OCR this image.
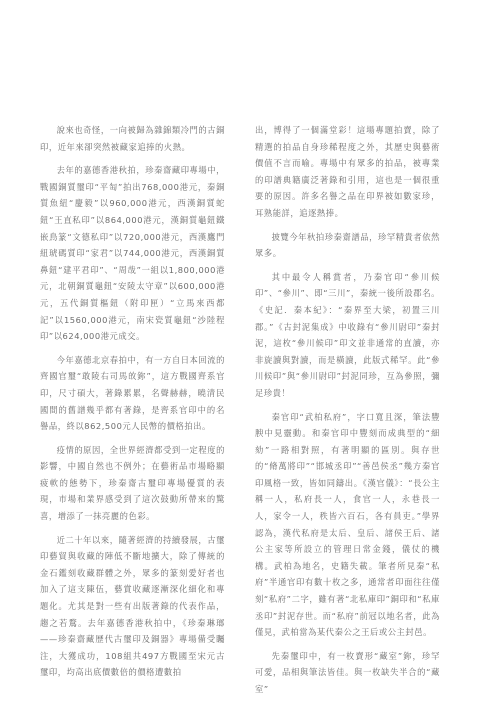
說來也奇怪，一向被歸為雜錦類冷門的古銅印，近年來卻突然被藏家追捧的火熱。

去年的嘉德香港秋拍，珍秦齋藏印專場中，戰國銅質璽印“平匋”拍出768,000港元，秦銅質魚紐“慶毅”以960,000港元，西漢銅質蛇鈕“王直私印”以864,000港元，漢銅質龜鈕鐵嵌鳥篆“文德私印”以720,000港元，西漢鷹門紐琥碼質印“家君”以744,000港元，西漢銅質鼻鈕“建平君印”、“周哉”一組以1,800,000港元，北朝銅質龜鈕“安陵太守章”以600,000港元，五代銅質樞鈕（附印匣）“立馬來西都記”以1560,000港元，南宋瓷質龜鈕“沙陸程印”以624,000港元成交。

今年嘉德北京春拍中，有一方自日本回流的齊國官璽“敢陵右司馬敀鉨”，這方戰國齊系官印，尺寸碩大，著錄累累，名聲赫赫，曉清民國間的舊譜幾乎都有著錄，是齊系官印中的名譽品，終以862,500元人民幣的價格拍出。

疫情的原因，全世界經濟都受到一定程度的影響，中國自然也不例外；在藝術品市場略顯疲軟的態勢下，珍秦齋古璽印專場優質的表現，市場和業界感受到了這次鼓動所帶來的驚喜，增添了一抹亮麗的色彩。

近二十年以來，隨著經濟的持續發展，古璽印藝貿與收藏的陣低不斷地擴大，除了傳統的金石鑑刻收藏群體之外，眾多的篆刻愛好者也加入了這支陳伍，藝賞收藏逐漸深化細化和專題化。尤其是對一些有出版著錄的代表作品，趨之若鶩。去年嘉德香港秋拍中，《珍秦琳瑯——珍秦齋藏歷代古璽印及銅器》專場備受矚注，大獲成功，108組共497方戰國至宋元古璽印，均高出底價數倍的價格遭數拍

出，博得了一個滿堂彩！這場專題拍賣，除了精選的拍品自身珍稀程度之外，其歷史與藝術價值不言而喻。專場中有眾多的拍品，被專業的印譜典籍廣泛著錄和引用，這也是一個很重要的原因。許多名譽之品在印界被如數家珍，耳熟能詳，追逐熱捧。

披覽今年秋拍珍秦齋譜品，珍罕精貴者依然眾多。

其中最令人稱賞者，乃秦官印“參川候印”、“參川”、即“三川”，秦統一後所設郡名。《史記．秦本紀》：“秦界至大梁，初置三川郡。”《古封泥集成》中收錄有“參川尉印”秦封泥，這枚“參川候印”印文並非通常的直讀，亦非旋讀與對讀，而是橫讀，此版式稀罕。此“參川候印”與“參川尉印”封泥同珍，互為參照，彌足珍貴！

秦官印“武柏私府”，字口寬且深，筆法豐腴中見靈動。和秦官印中豐刻而成典型的“細劾”一路相對照，有著明顯的區別。與存世的“脩萬將印”“邯城丞印”“善邑侯丞”幾方秦官印風格一致，皆如同鑄出。《漢官儀》：“長公主稱一人，私府長一人，食官一人，永巷長一人，家令一人，秩皆六百石，各有員吏。”學界認為，漢代私府是太后、皇后、諸侯王后、諸公主家等所設立的管理日常金錢，儀仗的機構。武柏為地名，史籍失載。筆者所見秦“私府”半通官印有數十枚之多，通常者印面往往僅刻“私府”二字，雖有著“北私庫印”銅印和“私庫丞印”封泥存世。而“私府”前冠以地名者，此為僅見，武柏當為某代秦公之王后或公主封邑。

先秦璽印中，有一枚賣形“藏室”鉨，珍罕可愛，品相與筆法皆佳。與一枚缺失半合的“藏室”
